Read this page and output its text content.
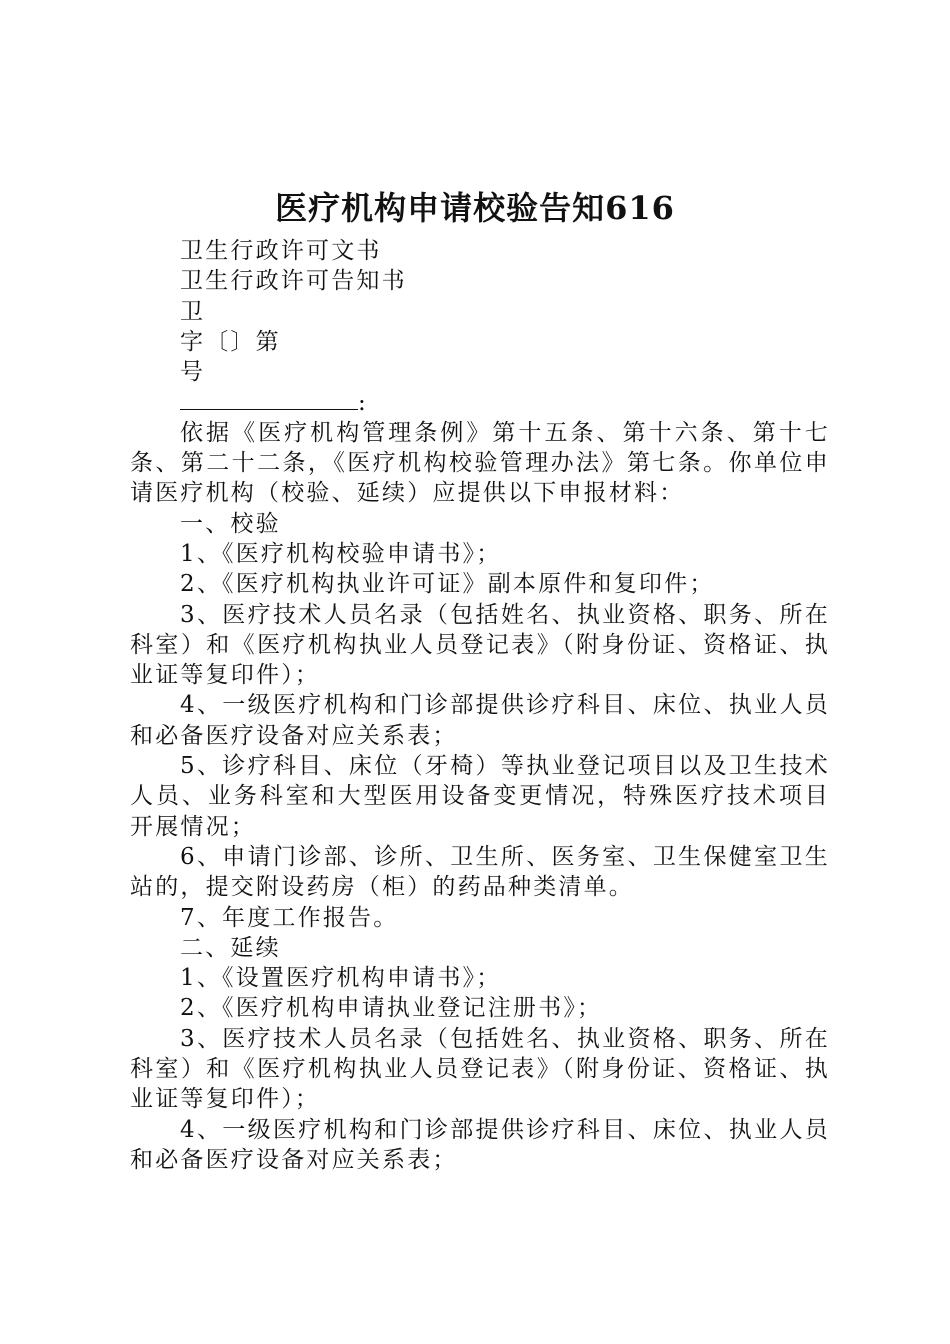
医疗机构申请校验告知616
卫生行政许可文书
卫生行政许可告知书
卫
字〔〕第
号
:

依据《医疗机构管理条例》第十五条、第十六条、第十七条、第二十二条，《医疗机构校验管理办法》第七条。你单位申请医疗机构（校验、延续）应提供以下申报材料：

一、校验

1、《医疗机构校验申请书》；

2、《医疗机构执业许可证》副本原件和复印件；

3、医疗技术人员名录（包括姓名、执业资格、职务、所在科室）和《医疗机构执业人员登记表》（附身份证、资格证、执业证等复印件）；

4、一级医疗机构和门诊部提供诊疗科目、床位、执业人员和必备医疗设备对应关系表；

5、诊疗科目、床位（牙椅）等执业登记项目以及卫生技术人员、业务科室和大型医用设备变更情况，特殊医疗技术项目开展情况；

6、申请门诊部、诊所、卫生所、医务室、卫生保健室卫生站的，提交附设药房（柜）的药品种类清单。

7、年度工作报告。

二、延续

1、《设置医疗机构申请书》；

2、《医疗机构申请执业登记注册书》；

3、医疗技术人员名录（包括姓名、执业资格、职务、所在科室）和《医疗机构执业人员登记表》（附身份证、资格证、执业证等复印件）；

4、一级医疗机构和门诊部提供诊疗科目、床位、执业人员和必备医疗设备对应关系表；
